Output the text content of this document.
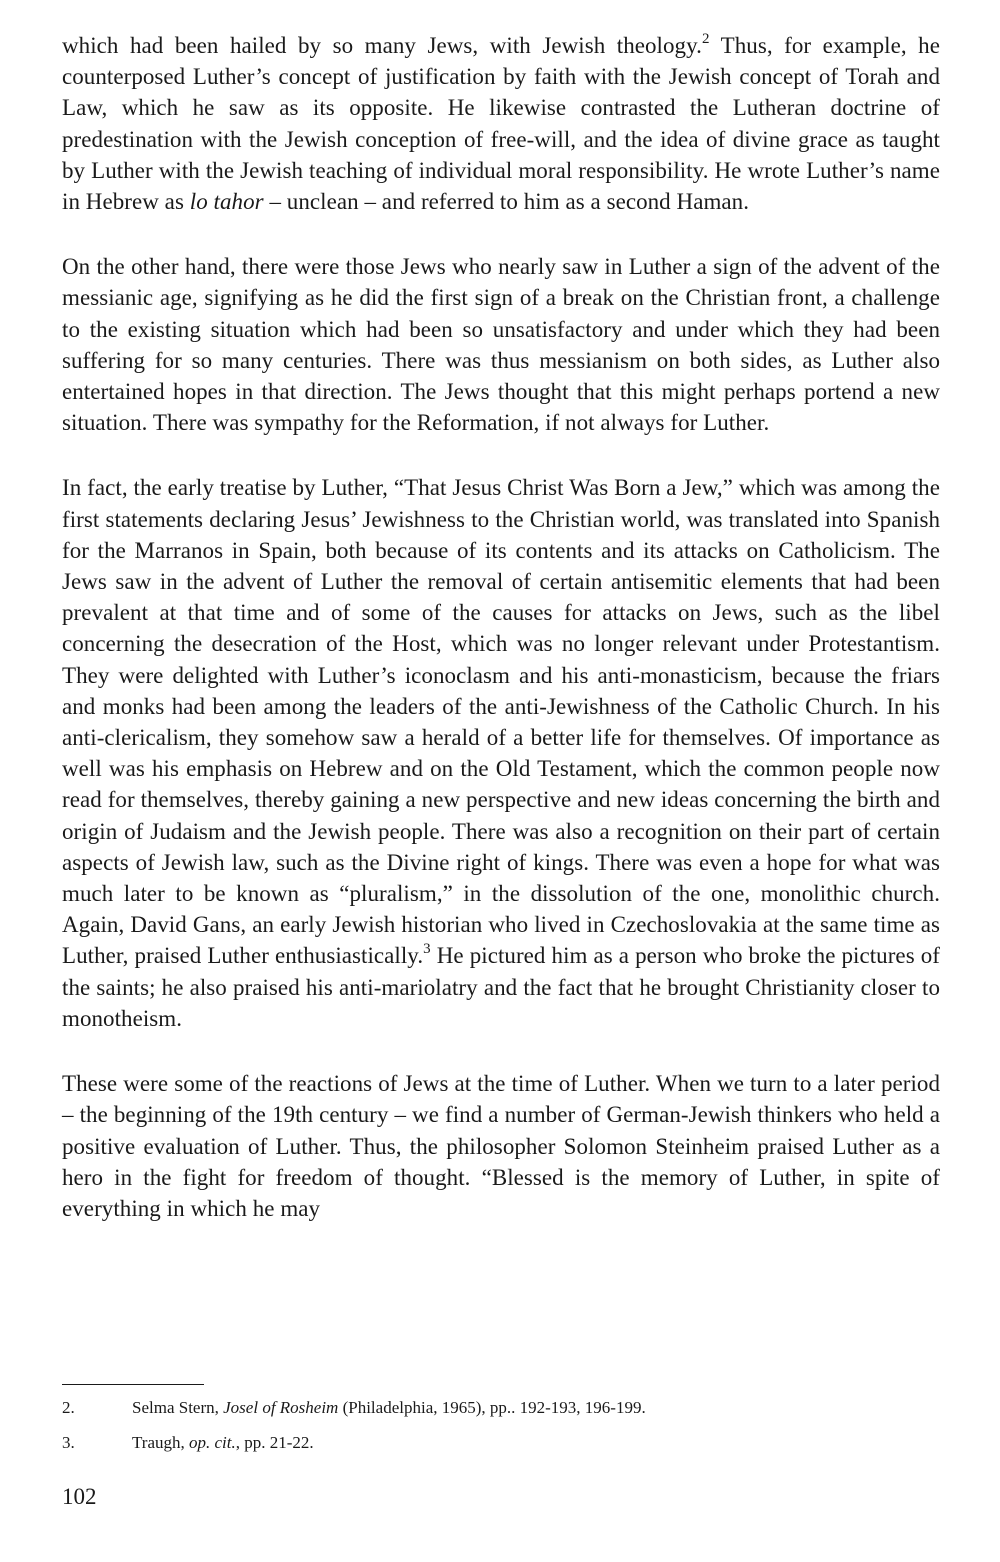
which had been hailed by so many Jews, with Jewish theology.$^2$ Thus, for example, he counterposed Luther’s concept of justification by faith with the Jewish concept of Torah and Law, which he saw as its opposite. He likewise contrasted the Lutheran doctrine of predestination with the Jewish conception of free-will, and the idea of divine grace as taught by Luther with the Jewish teaching of individual moral responsibility. He wrote Luther’s name in Hebrew as lo tahor – unclean – and referred to him as a second Haman.

On the other hand, there were those Jews who nearly saw in Luther a sign of the advent of the messianic age, signifying as he did the first sign of a break on the Christian front, a challenge to the existing situation which had been so unsatisfactory and under which they had been suffering for so many centuries. There was thus messianism on both sides, as Luther also entertained hopes in that direction. The Jews thought that this might perhaps portend a new situation. There was sympathy for the Reformation, if not always for Luther.

In fact, the early treatise by Luther, “That Jesus Christ Was Born a Jew,” which was among the first statements declaring Jesus’ Jewishness to the Christian world, was translated into Spanish for the Marranos in Spain, both because of its contents and its attacks on Catholicism. The Jews saw in the advent of Luther the removal of certain antisemitic elements that had been prevalent at that time and of some of the causes for attacks on Jews, such as the libel concerning the desecration of the Host, which was no longer relevant under Protestantism. They were delighted with Luther’s iconoclasm and his anti-monasticism, because the friars and monks had been among the leaders of the anti-Jewishness of the Catholic Church. In his anti-clericalism, they somehow saw a herald of a better life for themselves. Of importance as well was his emphasis on Hebrew and on the Old Testament, which the common people now read for themselves, thereby gaining a new perspective and new ideas concerning the birth and origin of Judaism and the Jewish people. There was also a recognition on their part of certain aspects of Jewish law, such as the Divine right of kings. There was even a hope for what was much later to be known as “pluralism,” in the dissolution of the one, monolithic church. Again, David Gans, an early Jewish historian who lived in Czechoslovakia at the same time as Luther, praised Luther enthusiastically.$^3$ He pictured him as a person who broke the pictures of the saints; he also praised his anti-mariolatry and the fact that he brought Christianity closer to monotheism.

These were some of the reactions of Jews at the time of Luther. When we turn to a later period – the beginning of the 19th century – we find a number of German-Jewish thinkers who held a positive evaluation of Luther. Thus, the philosopher Solomon Steinheim praised Luther as a hero in the fight for freedom of thought. “Blessed is the memory of Luther, in spite of everything in which he may

2.	Selma Stern, Josel of Rosheim (Philadelphia, 1965), pp.. 192-193, 196-199.
3.	Traugh, op. cit., pp. 21-22.
102
